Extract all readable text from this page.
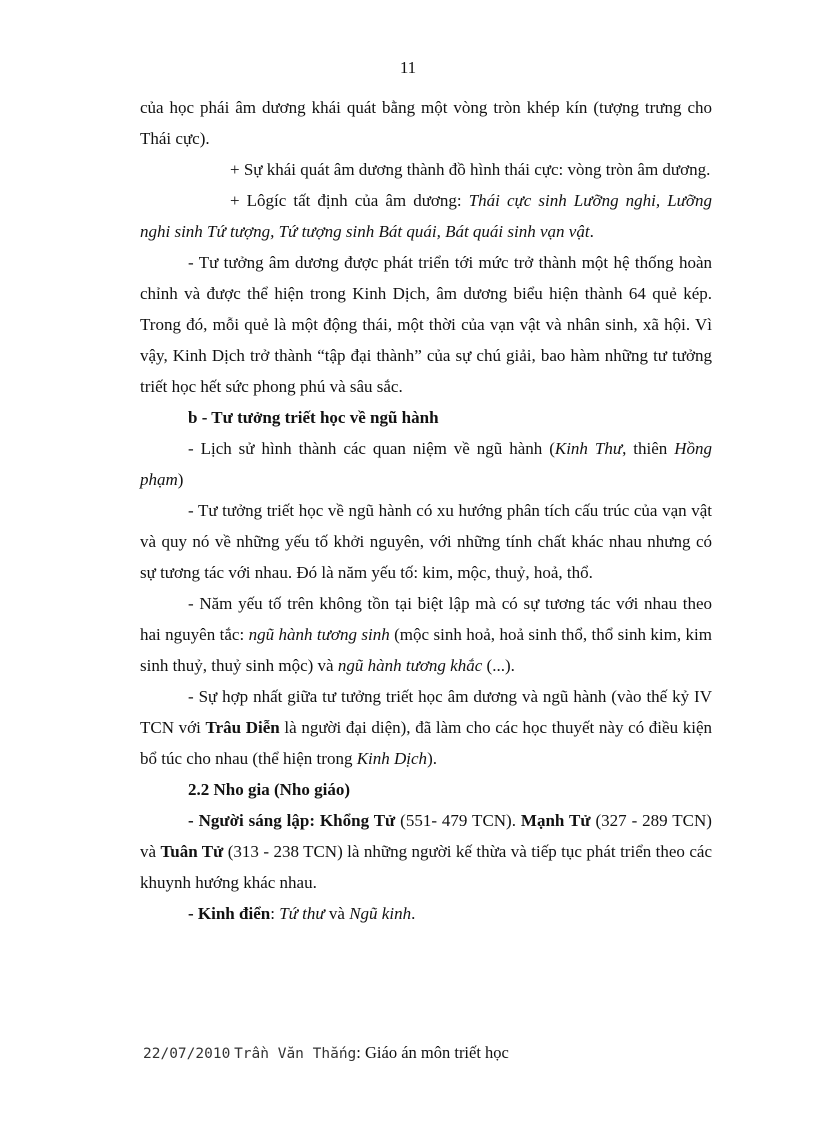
11

của học phái âm dương khái quát bằng một vòng tròn khép kín (tượng trưng cho Thái cực).

+ Sự khái quát âm dương thành đồ hình thái cực: vòng tròn âm dương.

+ Lôgíc tất định của âm dương: Thái cực sinh Lưỡng nghi, Lưỡng nghi sinh Tứ tượng, Tứ tượng sinh Bát quái, Bát quái sinh vạn vật.

- Tư tưởng âm dương được phát triển tới mức trở thành một hệ thống hoàn chỉnh và được thể hiện trong Kinh Dịch, âm dương biểu hiện thành 64 quẻ kép. Trong đó, mỗi quẻ là một động thái, một thời của vạn vật và nhân sinh, xã hội. Vì vậy, Kinh Dịch trở thành “tập đại thành” của sự chú giải, bao hàm những tư tưởng triết học hết sức phong phú và sâu sắc.

b - Tư tưởng triết học về ngũ hành

- Lịch sử hình thành các quan niệm về ngũ hành (Kinh Thư, thiên Hồng phạm)

- Tư tưởng triết học về ngũ hành có xu hướng phân tích cấu trúc của vạn vật và quy nó về những yếu tố khởi nguyên, với những tính chất khác nhau nhưng có sự tương tác với nhau. Đó là năm yếu tố: kim, mộc, thuỷ, hoả, thổ.

- Năm yếu tố trên không tồn tại biệt lập mà có sự tương tác với nhau theo hai nguyên tắc: ngũ hành tương sinh (mộc sinh hoả, hoả sinh thổ, thổ sinh kim, kim sinh thuỷ, thuỷ sinh mộc) và ngũ hành tương khắc (...).

- Sự hợp nhất giữa tư tưởng triết học âm dương và ngũ hành (vào thế kỷ IV TCN với Trâu Diễn là người đại diện), đã làm cho các học thuyết này có điều kiện bổ túc cho nhau (thể hiện trong Kinh Dịch).

2.2 Nho gia (Nho giáo)

- Người sáng lập: Khổng Tử (551- 479 TCN). Mạnh Tử (327 - 289 TCN) và Tuân Tử (313 - 238 TCN) là những người kế thừa và tiếp tục phát triển theo các khuynh hướng khác nhau.

- Kinh điển: Tứ thư và Ngũ kinh.

22/07/2010 Trần Văn Thắng: Giáo án môn triết học
